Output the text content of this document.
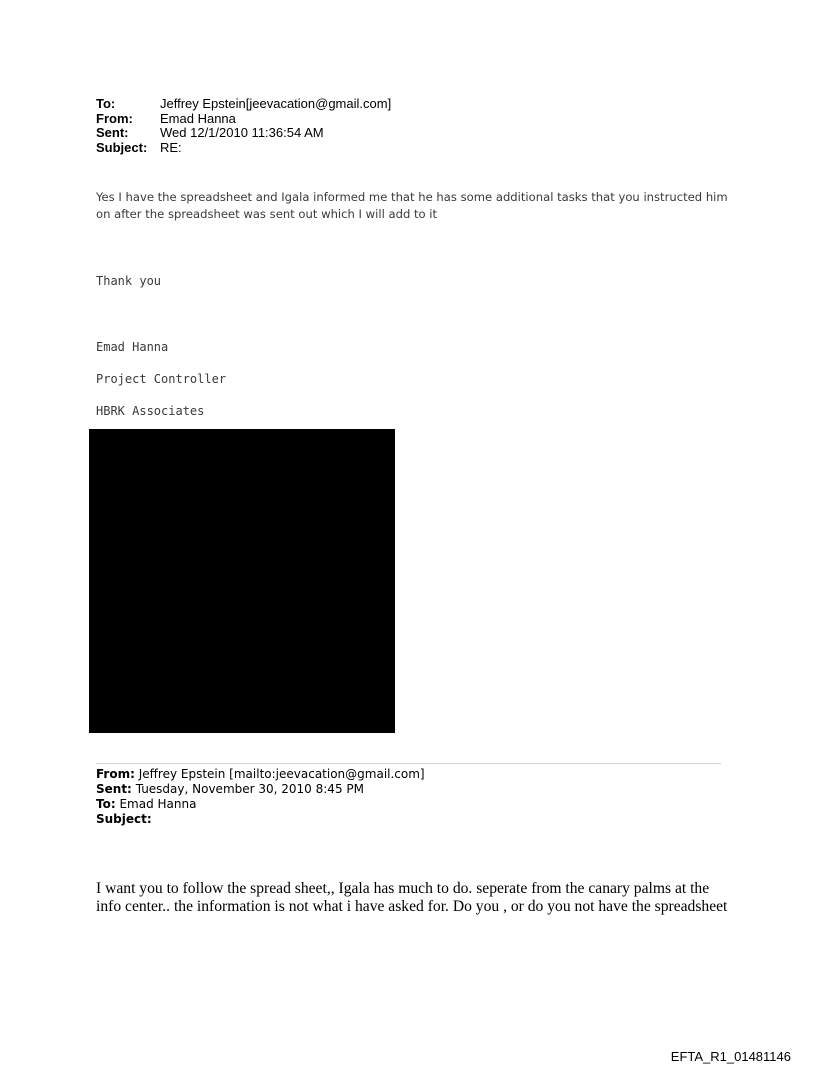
To:	Jeffrey Epstein[jeevacation@gmail.com]
From:	Emad Hanna
Sent:	Wed 12/1/2010 11:36:54 AM
Subject: RE:
Yes I have the spreadsheet and Igala informed me that he has some additional tasks that you instructed him on after the spreadsheet was sent out which I will add to it
Thank you
Emad Hanna
Project Controller
HBRK Associates
From: Jeffrey Epstein [mailto:jeevacation@gmail.com]
Sent: Tuesday, November 30, 2010 8:45 PM
To: Emad Hanna
Subject:
I want you to follow the spread sheet,, Igala has much to do. seperate from the canary palms at the info center.. the information is not what i have asked for. Do you , or do you not have the spreadsheet
EFTA_R1_01481146
